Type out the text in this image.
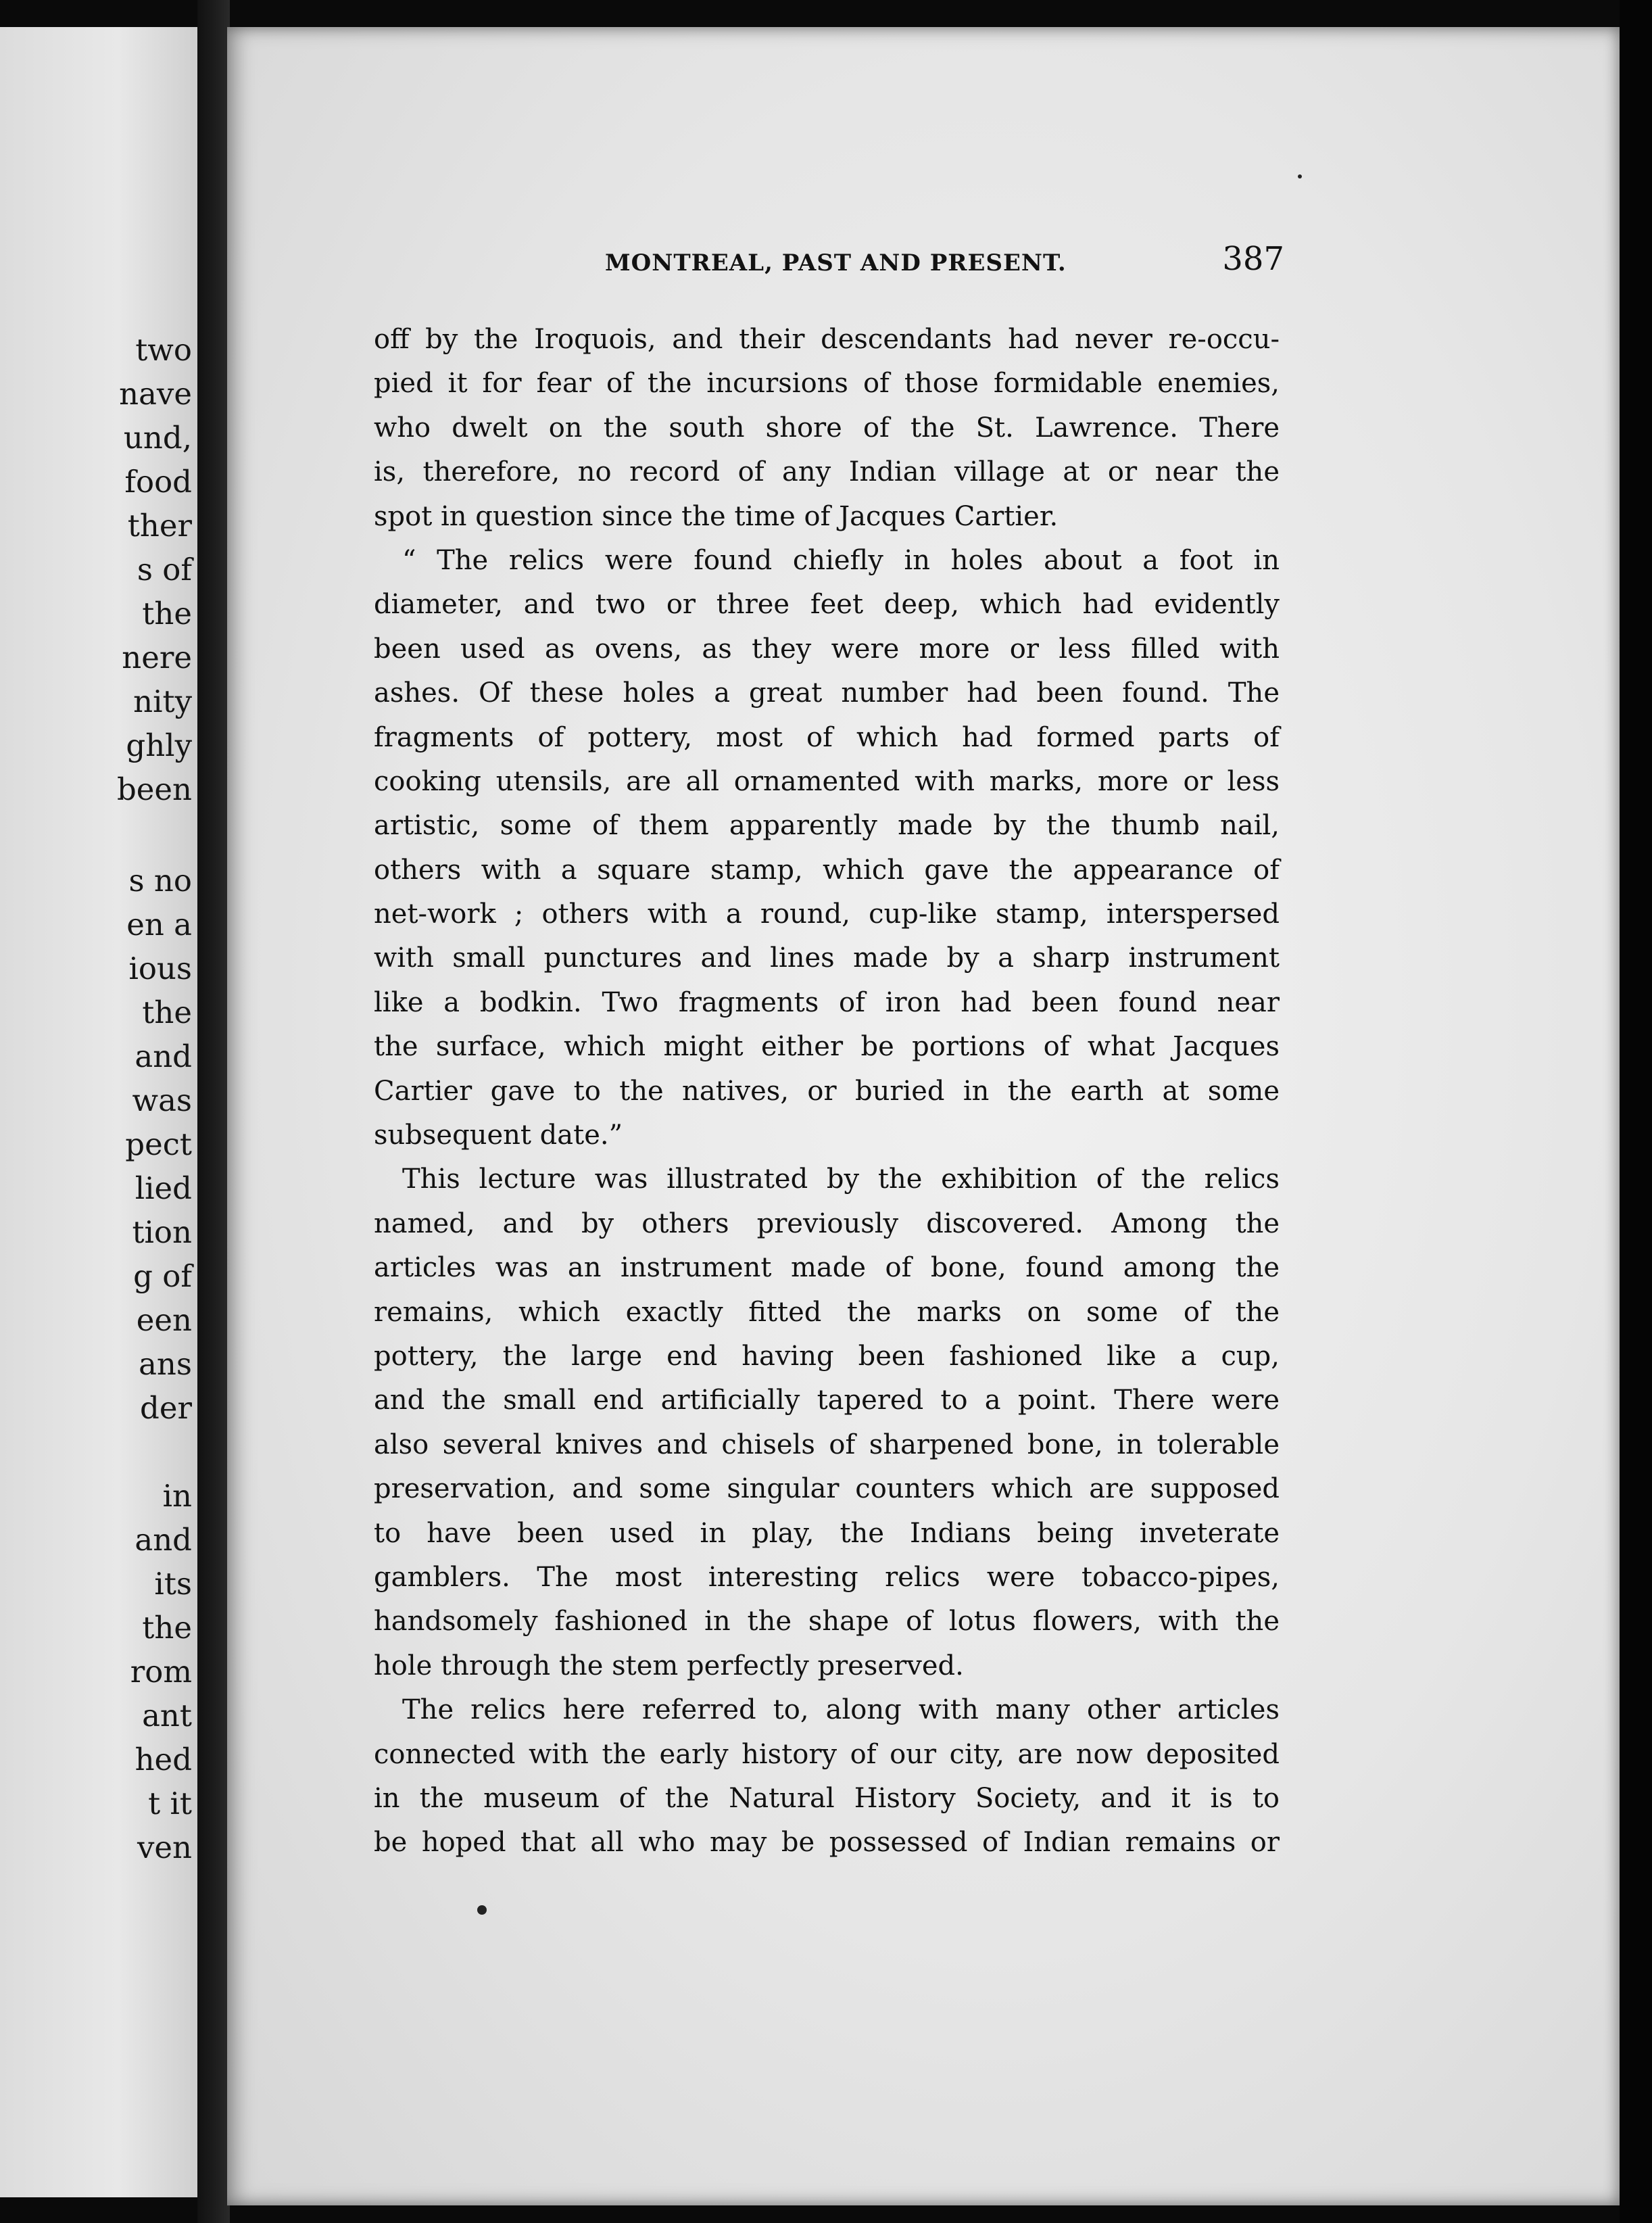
two
nave
und,
food
ther
s of
the
nere
nity
ghly
been
s no
en a
ious
the
and
was
pect
lied
tion
g of
een
ans
der
in
and
its
the
rom
ant
hed
t it
ven
MONTREAL, PAST AND PRESENT.	387
off by the Iroquois, and their descendants had never re-occu-
pied it for fear of the incursions of those formidable enemies,
who dwelt on the south shore of the St. Lawrence. There
is, therefore, no record of any Indian village at or near the
spot in question since the time of Jacques Cartier.
“ The relics were found chiefly in holes about a foot in
diameter, and two or three feet deep, which had evidently
been used as ovens, as they were more or less filled with
ashes. Of these holes a great number had been found. The
fragments of pottery, most of which had formed parts of
cooking utensils, are all ornamented with marks, more or less
artistic, some of them apparently made by the thumb nail,
others with a square stamp, which gave the appearance of
net-work ; others with a round, cup-like stamp, interspersed
with small punctures and lines made by a sharp instrument
like a bodkin. Two fragments of iron had been found near
the surface, which might either be portions of what Jacques
Cartier gave to the natives, or buried in the earth at some
subsequent date.”
This lecture was illustrated by the exhibition of the relics
named, and by others previously discovered. Among the
articles was an instrument made of bone, found among the
remains, which exactly fitted the marks on some of the
pottery, the large end having been fashioned like a cup,
and the small end artificially tapered to a point. There were
also several knives and chisels of sharpened bone, in tolerable
preservation, and some singular counters which are supposed
to have been used in play, the Indians being inveterate
gamblers. The most interesting relics were tobacco-pipes,
handsomely fashioned in the shape of lotus flowers, with the
hole through the stem perfectly preserved.
The relics here referred to, along with many other articles
connected with the early history of our city, are now deposited
in the museum of the Natural History Society, and it is to
be hoped that all who may be possessed of Indian remains or
